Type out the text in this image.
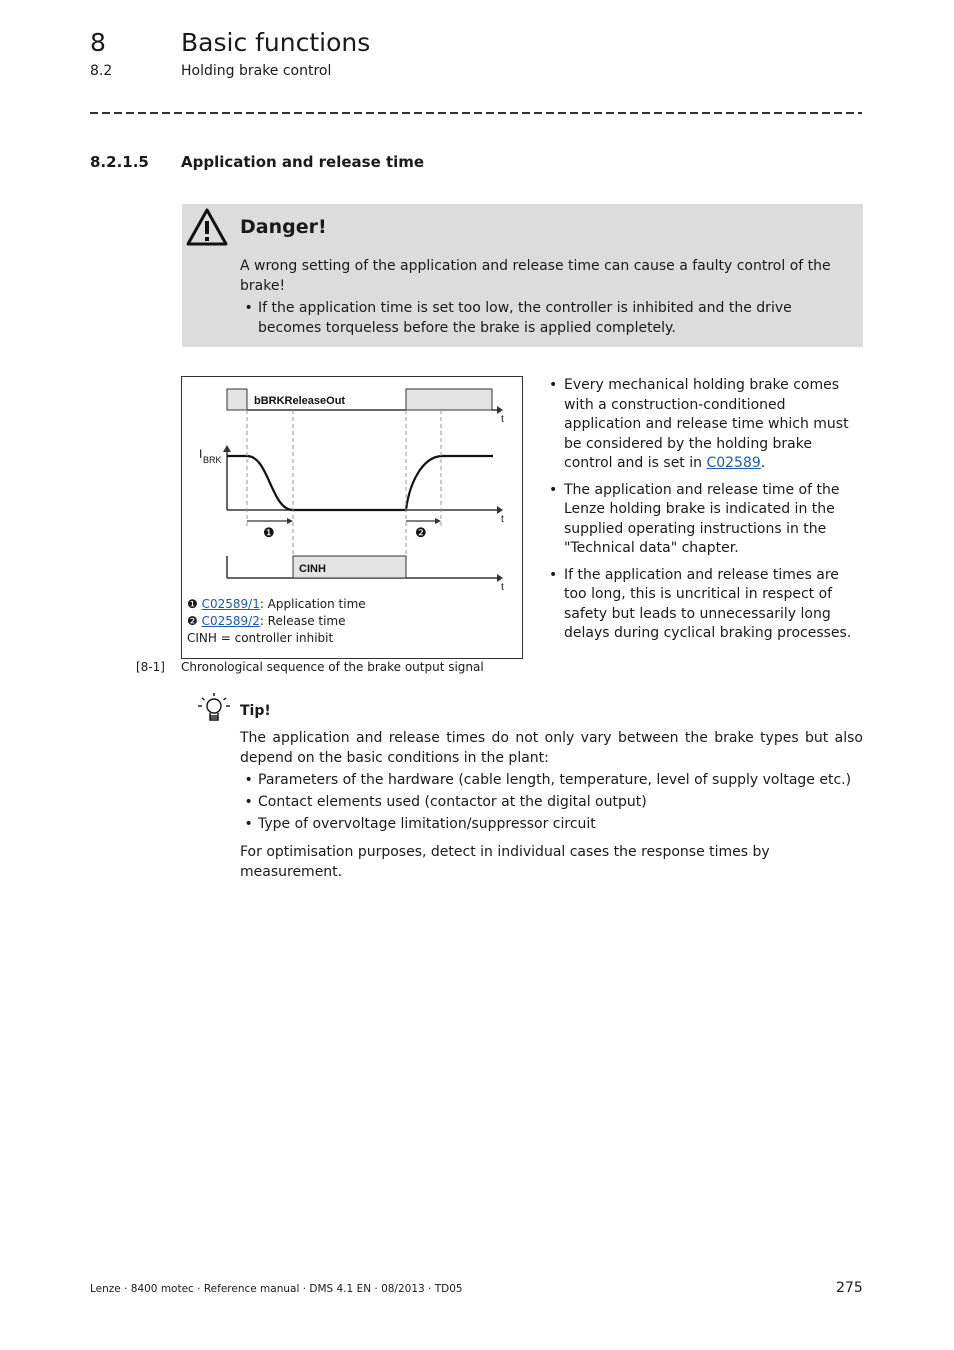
8	Basic functions
8.2	Holding brake control
8.2.1.5 Application and release time
Danger!
A wrong setting of the application and release time can cause a faulty control of the brake!
• If the application time is set too low, the controller is inhibited and the drive becomes torqueless before the brake is applied completely.
bBRKReleaseOut
t
I BRK
t
❶	❷
CINH
t
❶ C02589/1: Application time
❷ C02589/2: Release time
CINH = controller inhibit
[8-1] Chronological sequence of the brake output signal
• Every mechanical holding brake comes with a construction-conditioned application and release time which must be considered by the holding brake control and is set in C02589.
• The application and release time of the Lenze holding brake is indicated in the supplied operating instructions in the "Technical data" chapter.
• If the application and release times are too long, this is uncritical in respect of safety but leads to unnecessarily long delays during cyclical braking processes.
Tip!
The application and release times do not only vary between the brake types but also depend on the basic conditions in the plant:
• Parameters of the hardware (cable length, temperature, level of supply voltage etc.)
• Contact elements used (contactor at the digital output)
• Type of overvoltage limitation/suppressor circuit
For optimisation purposes, detect in individual cases the response times by measurement.
Lenze · 8400 motec · Reference manual · DMS 4.1 EN · 08/2013 · TD05	275
